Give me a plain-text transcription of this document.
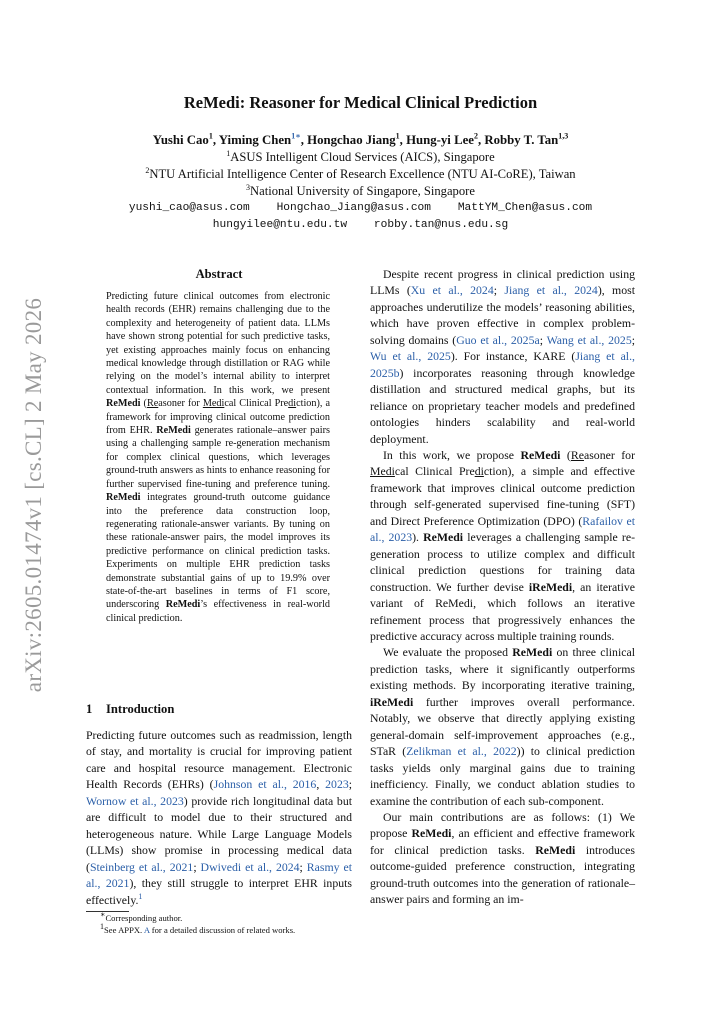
arXiv:2605.01474v1 [cs.CL] 2 May 2026
ReMedi: Reasoner for Medical Clinical Prediction
Yushi Cao$^1$, Yiming Chen$^{1∗}$, Hongchao Jiang$^1$, Hung-yi Lee$^2$, Robby T. Tan$^{1,3}$
$^1$ASUS Intelligent Cloud Services (AICS), Singapore
$^2$NTU Artificial Intelligence Center of Research Excellence (NTU AI-CoRE), Taiwan
$^3$National University of Singapore, Singapore
yushi_cao@asus.com    Hongchao_Jiang@asus.com    MattYM_Chen@asus.com
hungyilee@ntu.edu.tw    robby.tan@nus.edu.sg
Abstract
Predicting future clinical outcomes from electronic health records (EHR) remains challenging due to the complexity and heterogeneity of patient data. LLMs have shown strong potential for such predictive tasks, yet existing approaches mainly focus on enhancing medical knowledge through distillation or RAG while relying on the model’s internal ability to interpret contextual information. In this work, we present ReMedi (Reasoner for Medical Clinical Prediction), a framework for improving clinical outcome prediction from EHR. ReMedi generates rationale–answer pairs using a challenging sample re-generation mechanism for complex clinical questions, which leverages ground-truth answers as hints to enhance reasoning for further supervised fine-tuning and preference tuning. ReMedi integrates ground-truth outcome guidance into the preference data construction loop, regenerating rationale-answer variants. By tuning on these rationale-answer pairs, the model improves its predictive performance on clinical prediction tasks. Experiments on multiple EHR prediction tasks demonstrate substantial gains of up to 19.9% over state-of-the-art baselines in terms of F1 score, underscoring ReMedi’s effectiveness in real-world clinical prediction.
1 Introduction

Predicting future outcomes such as readmission, length of stay, and mortality is crucial for improving patient care and hospital resource management. Electronic Health Records (EHRs) (Johnson et al., 2016, 2023; Wornow et al., 2023) provide rich longitudinal data but are difficult to model due to their structured and heterogeneous nature. While Large Language Models (LLMs) show promise in processing medical data (Steinberg et al., 2021; Dwivedi et al., 2024; Rasmy et al., 2021), they still struggle to interpret EHR inputs effectively.$^1$

∗Corresponding author.
$^1$See APPX. A for a detailed discussion of related works.

Despite recent progress in clinical prediction using LLMs (Xu et al., 2024; Jiang et al., 2024), most approaches underutilize the models’ reasoning abilities, which have proven effective in complex problem-solving domains (Guo et al., 2025a; Wang et al., 2025; Wu et al., 2025). For instance, KARE (Jiang et al., 2025b) incorporates reasoning through knowledge distillation and structured medical graphs, but its reliance on proprietary teacher models and predefined ontologies hinders scalability and real-world deployment.

In this work, we propose ReMedi (Reasoner for Medical Clinical Prediction), a simple and effective framework that improves clinical outcome prediction through self-generated supervised fine-tuning (SFT) and Direct Preference Optimization (DPO) (Rafailov et al., 2023). ReMedi leverages a challenging sample re-generation process to utilize complex and difficult clinical prediction questions for training data construction. We further devise iReMedi, an iterative variant of ReMedi, which follows an iterative refinement process that progressively enhances the predictive accuracy across multiple training rounds.

We evaluate the proposed ReMedi on three clinical prediction tasks, where it significantly outperforms existing methods. By incorporating iterative training, iReMedi further improves overall performance. Notably, we observe that directly applying existing general-domain self-improvement approaches (e.g., STaR (Zelikman et al., 2022)) to clinical prediction tasks yields only marginal gains due to training inefficiency. Finally, we conduct ablation studies to examine the contribution of each sub-component.

Our main contributions are as follows: (1) We propose ReMedi, an efficient and effective framework for clinical prediction tasks. ReMedi introduces outcome-guided preference construction, integrating ground-truth outcomes into the generation of rationale–answer pairs and forming an im-
